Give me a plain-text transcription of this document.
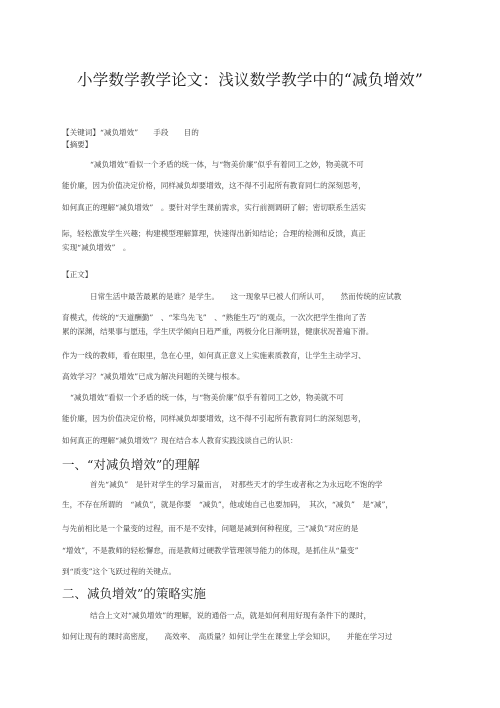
小学数学教学论文：浅议数学教学中的“减负增效”
【关键词】“减负增效”　　手段　　目的
【摘要】
“减负增效”看似一个矛盾的统一体，与“物美价廉”似乎有着同工之妙，物美就不可
能价廉，因为价值决定价格，同样减负却要增效，这不得不引起所有教育同仁的深刻思考，
如何真正的理解“减负增效”　。要针对学生课前需求，实行前测调研了解；密切联系生活实
际，轻松激发学生兴趣；构建模型理解算理，快速得出新知结论；合理的检测和反馈，真正
实现“减负增效”　。
【正文】
日常生活中最苦最累的是谁？是学生。　　这一现象早已被人们所认可，　　然而传统的应试教
育模式，传统的“天道酬勤”　、“笨鸟先飞”　、“熟能生巧”的观点，一次次把学生推向了苦
累的深渊，结果事与愿违，学生厌学倾向日趋严重，两极分化日渐明显，健康状况普遍下滑。
作为一线的教师，看在眼里，急在心里，如何真正意义上实施素质教育，让学生主动学习、
高效学习？“减负增效”已成为解决问题的关键与根本。
“减负增效”看似一个矛盾的统一体，与“物美价廉”似乎有着同工之妙，物美就不可
能价廉，因为价值决定价格，同样减负却要增效，这不得不引起所有教育同仁的深刻思考，
如何真正的理解“减负增效”？现在结合本人教育实践浅谈自己的认识：
一、“对减负增效”的理解
首先“减负”　是针对学生的学习量而言，　对那些天才的学生或者称之为永远吃不饱的学
生，不存在所谓的　“减负”，就是你要　“减负”，他或她自己也要加码，　其次，“减负”　是“减”，
与先前相比是一个量变的过程，而不是不安排，问题是减到何种程度，三“减负”对应的是
“增效”，不是教师的轻松懈怠，而是教师过硬教学管理领导能力的体现，是抓住从“量变”
到“质变”这个飞跃过程的关键点。
二、减负增效”的策略实施
结合上文对“减负增效”的理解，说的通俗一点，就是如何利用好现有条件下的课时，
如何让现有的课时高密度，　　高效率、　高质量？如何让学生在课堂上学会知识，　　并能在学习过
